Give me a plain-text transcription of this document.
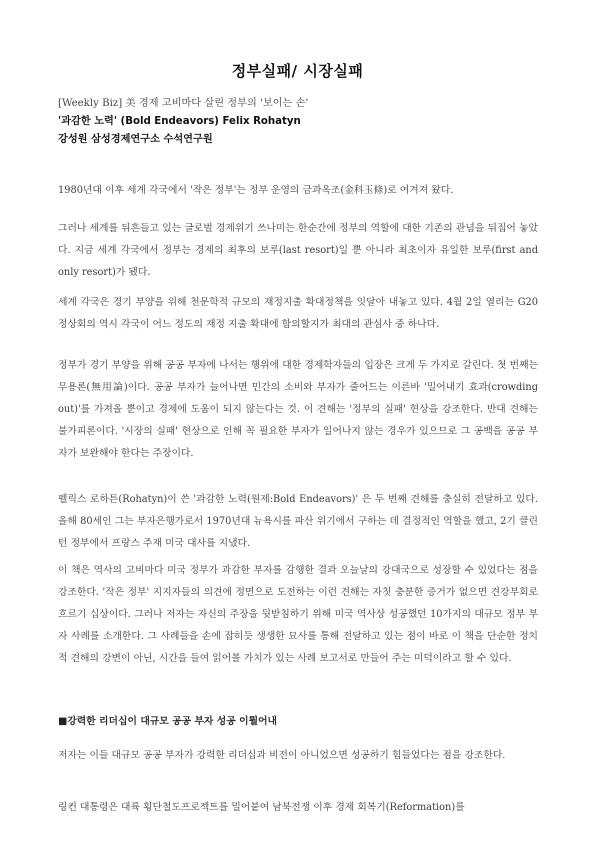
정부실패/ 시장실패
[Weekly Biz] 美 경제 고비마다 살린 정부의 '보이는 손'
'과감한 노력' (Bold Endeavors) Felix Rohatyn
강성원 삼성경제연구소 수석연구원

1980년대 이후 세계 각국에서 '작은 정부'는 정부 운영의 금과옥조(金科玉條)로 여겨져 왔다.

그러나 세계를 뒤흔들고 있는 글로벌 경제위기 쓰나미는 한순간에 정부의 역할에 대한 기존의 관념을 뒤집어 놓았다. 지금 세계 각국에서 정부는 경제의 최후의 보루(last resort)일 뿐 아니라 최초이자 유일한 보루(first and only resort)가 됐다.

세계 각국은 경기 부양을 위해 천문학적 규모의 재정지출 확대정책을 잇달아 내놓고 있다. 4월 2일 열리는 G20 정상회의 역시 각국이 어느 정도의 재정 지출 확대에 합의할지가 최대의 관심사 중 하나다.

정부가 경기 부양을 위해 공공 부자에 나서는 행위에 대한 경제학자들의 입장은 크게 두 가지로 갈린다. 첫 번째는 무용론(無用論)이다. 공공 부자가 늘어나면 민간의 소비와 부자가 줄어드는 이른바 '밀어내기 효과(crowding out)'를 가져올 뿐이고 경제에 도움이 되지 않는다는 것. 이 견해는 '정부의 실패' 현상을 강조한다. 반대 견해는 불가피론이다. '시장의 실패' 현상으로 인해 꼭 필요한 부자가 일어나지 않는 경우가 있으므로 그 공백을 공공 부자가 보완해야 한다는 주장이다.

펠릭스 로하튼(Rohatyn)이 쓴 '과감한 노력(원제:Bold Endeavors)' 은 두 번째 견해를 충실히 전달하고 있다. 올해 80세인 그는 부자은행가로서 1970년대 뉴욕시를 파산 위기에서 구하는 데 결정적인 역할을 했고, 2기 클린턴 정부에서 프랑스 주재 미국 대사를 지냈다.

이 책은 역사의 고비마다 미국 정부가 과감한 부자를 감행한 결과 오늘날의 강대국으로 성장할 수 있었다는 점을 강조한다. '작은 정부' 지지자들의 의견에 정면으로 도전하는 이런 견해는 자칫 충분한 증거가 없으면 견강부회로 흐르기 십상이다. 그러나 저자는 자신의 주장을 뒷받침하기 위해 미국 역사상 성공했던 10가지의 대규모 정부 부자 사례를 소개한다. 그 사례들을 손에 잡히듯 생생한 묘사를 통해 전달하고 있는 점이 바로 이 책을 단순한 정치적 견해의 강변이 아닌, 시간을 들여 읽어볼 가치가 있는 사례 보고서로 만들어 주는 미덕이라고 할 수 있다.

■강력한 리더십이 대규모 공공 부자 성공 이뤌어내

저자는 이들 대규모 공공 부자가 강력한 리더십과 비전이 아니었으면 성공하기 힘들었다는 점을 강조한다.

링컨 대통령은 대륙 횡단철도프로젝트를 밀어붙여 남북전쟁 이후 경제 회복기(Reformation)를
